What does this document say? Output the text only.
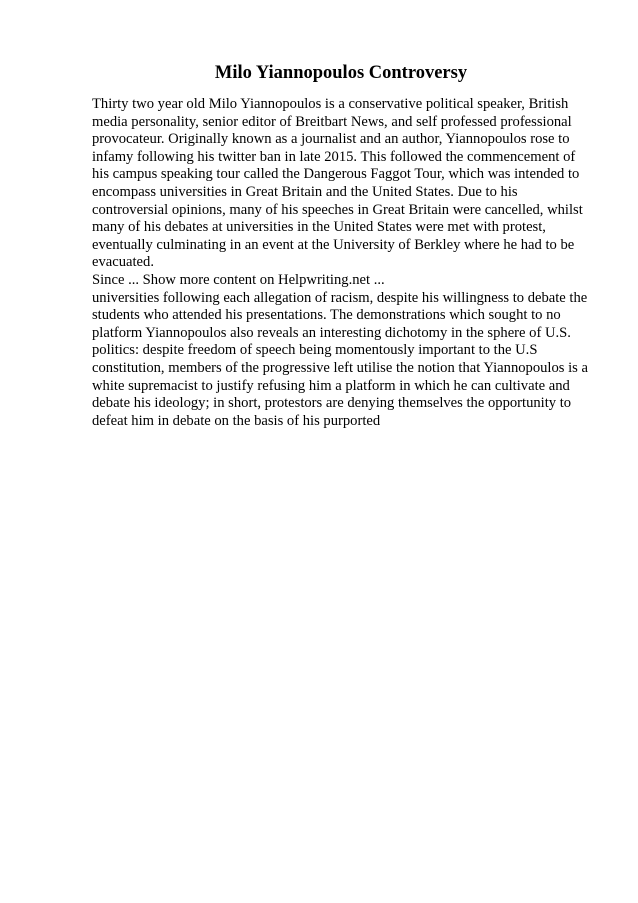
Milo Yiannopoulos Controversy
Thirty two year old Milo Yiannopoulos is a conservative political speaker, British
media personality, senior editor of Breitbart News, and self professed professional
provocateur. Originally known as a journalist and an author, Yiannopoulos rose to
infamy following his twitter ban in late 2015. This followed the commencement of
his campus speaking tour called the Dangerous Faggot Tour, which was intended to
encompass universities in Great Britain and the United States. Due to his
controversial opinions, many of his speeches in Great Britain were cancelled, whilst
many of his debates at universities in the United States were met with protest,
eventually culminating in an event at the University of Berkley where he had to be
evacuated.
Since ... Show more content on Helpwriting.net ...
universities following each allegation of racism, despite his willingness to debate the
students who attended his presentations. The demonstrations which sought to no
platform Yiannopoulos also reveals an interesting dichotomy in the sphere of U.S.
politics: despite freedom of speech being momentously important to the U.S
constitution, members of the progressive left utilise the notion that Yiannopoulos is a
white supremacist to justify refusing him a platform in which he can cultivate and
debate his ideology; in short, protestors are denying themselves the opportunity to
defeat him in debate on the basis of his purported
